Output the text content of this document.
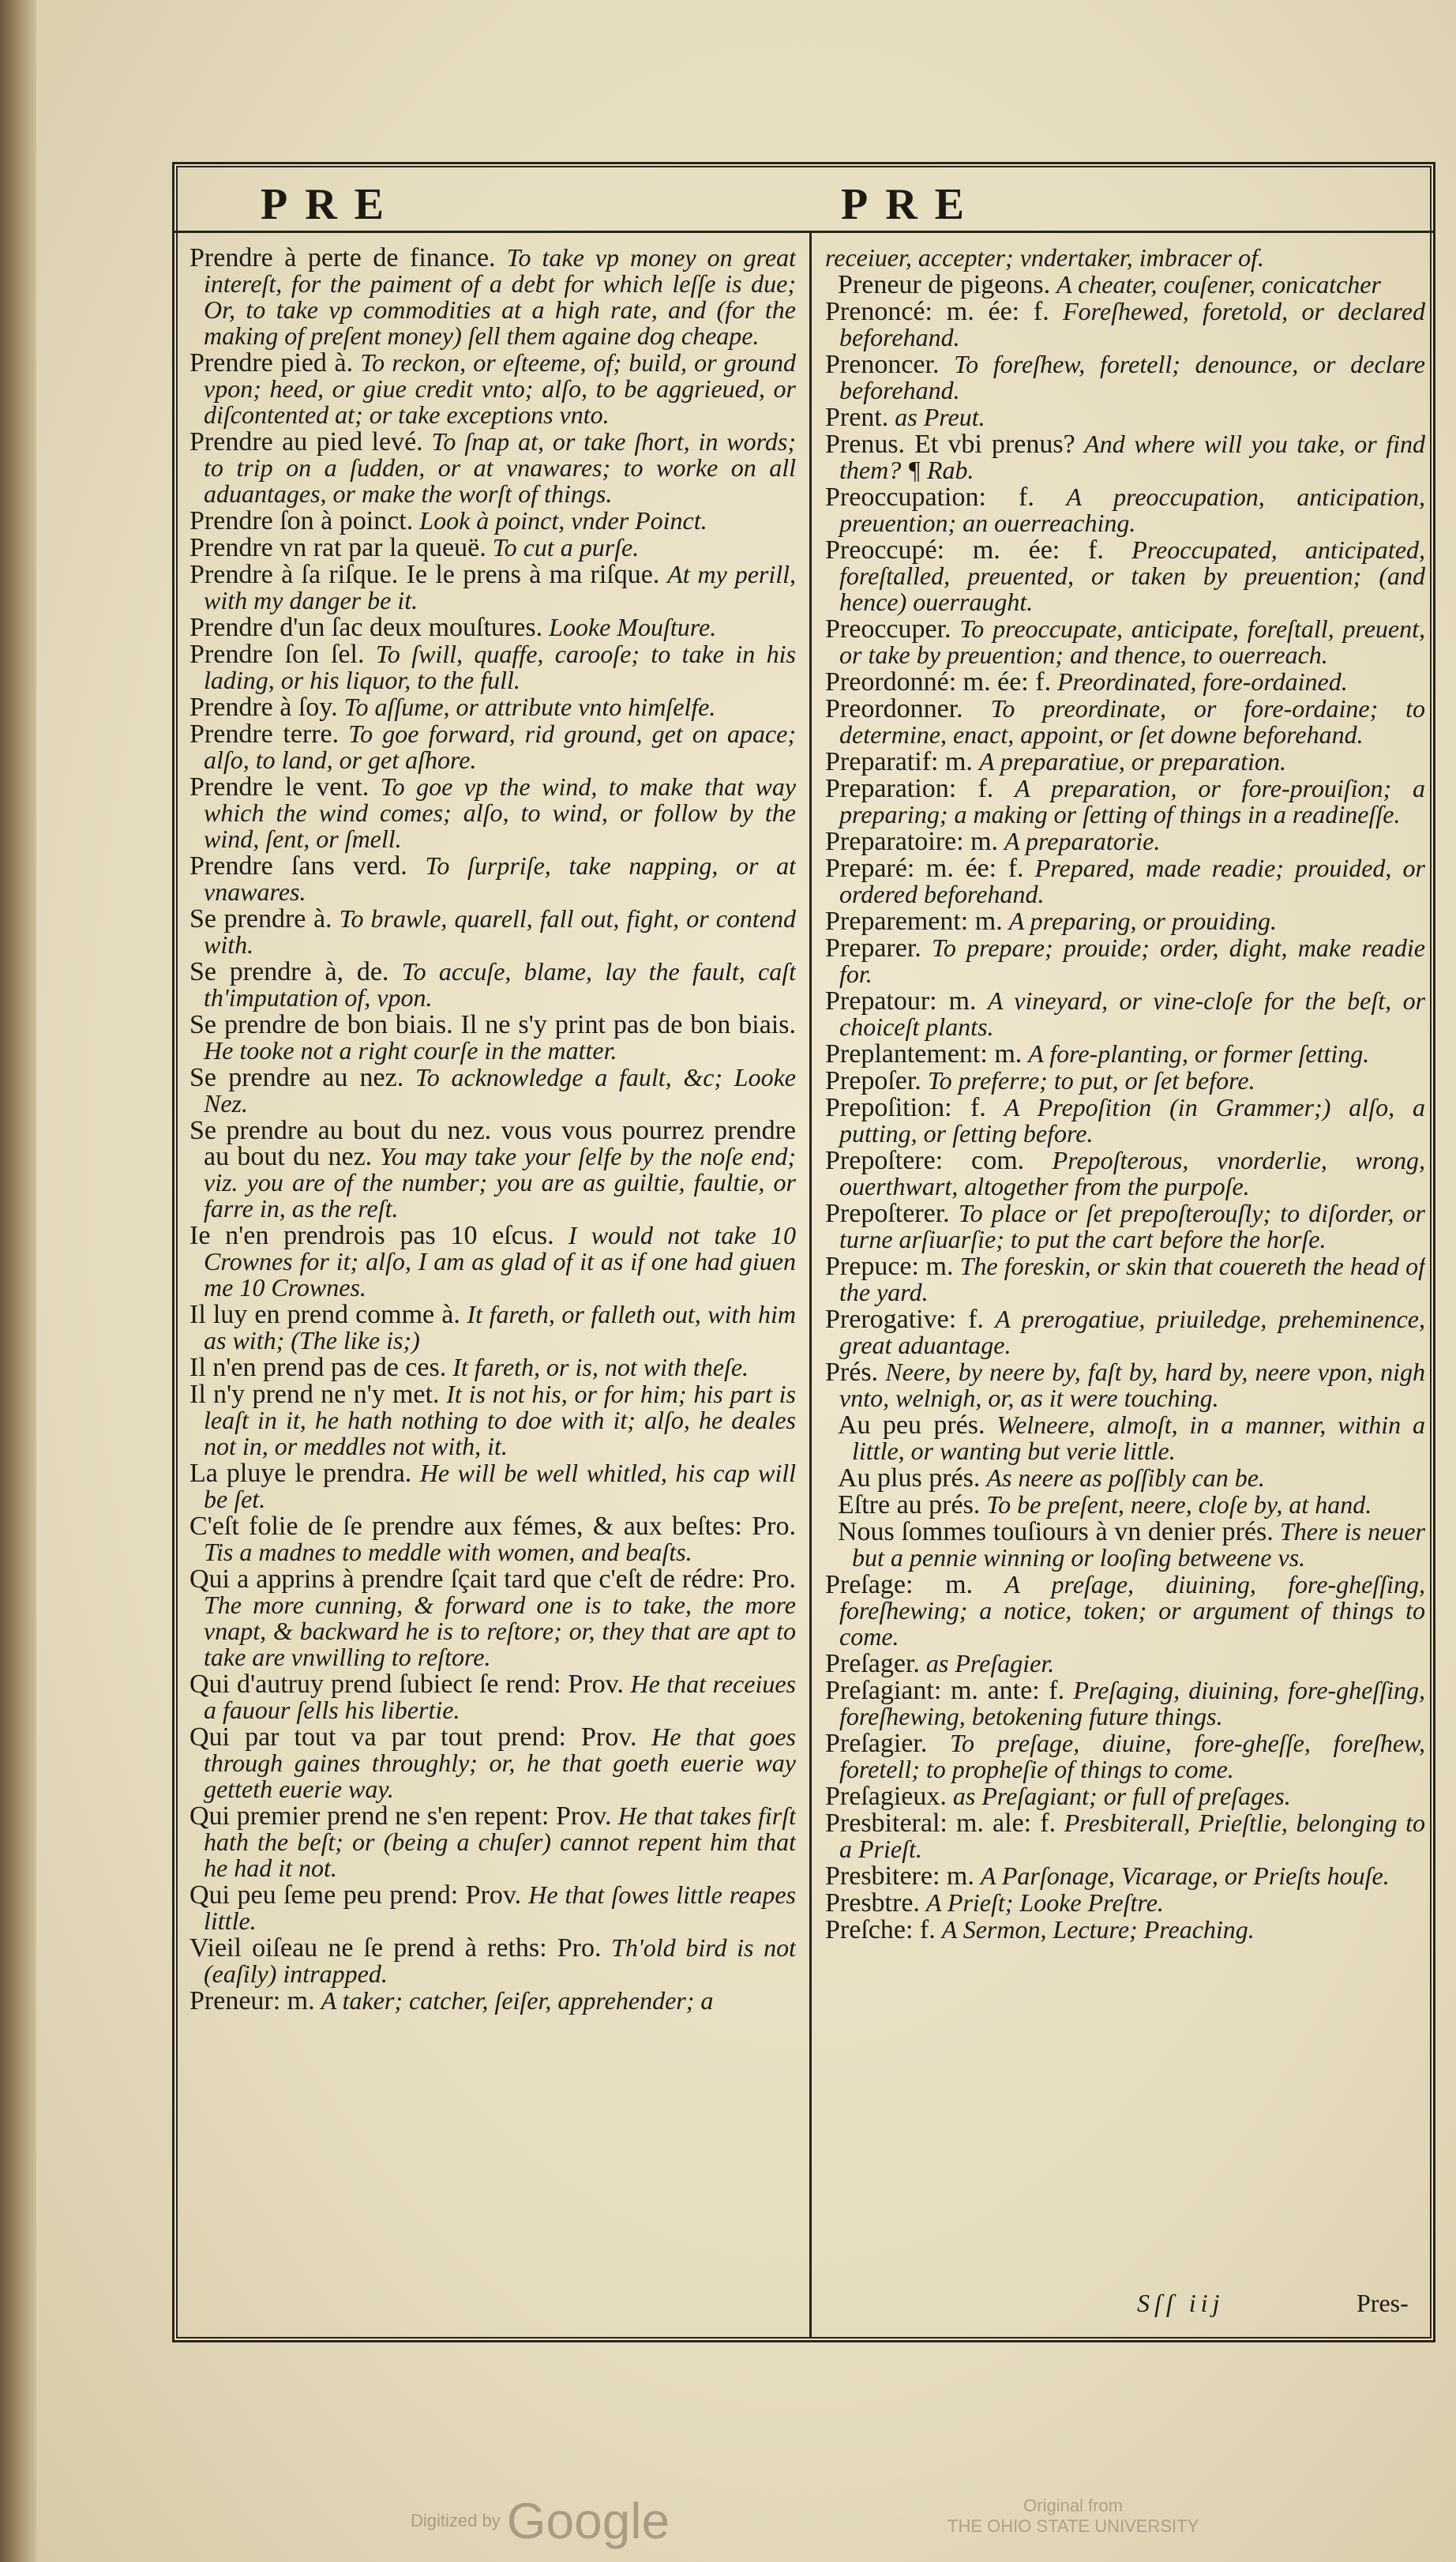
PRE	PRE

Prendre à perte de finance. To take vp money on great intereſt, for the paiment of a debt for which leſſe is due; Or, to take vp commodities at a high rate, and (for the making of preſent money) ſell them againe dog cheape.

Prendre pied à. To reckon, or eſteeme, of; build, or ground vpon; heed, or giue credit vnto; alſo, to be aggrieued, or diſcontented at; or take exceptions vnto.

Prendre au pied levé. To ſnap at, or take ſhort, in words; to trip on a ſudden, or at vnawares; to worke on all aduantages, or make the worſt of things.

Prendre ſon à poinct. Look à poinct, vnder Poinct.

Prendre vn rat par la queuë. To cut a purſe.

Prendre à ſa riſque. Ie le prens à ma riſque. At my perill, with my danger be it.

Prendre d'un ſac deux mouſtures. Looke Mouſture.

Prendre ſon ſel. To ſwill, quaffe, carooſe; to take in his lading, or his liquor, to the full.

Prendre à ſoy. To aſſume, or attribute vnto himſelfe.

Prendre terre. To goe forward, rid ground, get on apace; alſo, to land, or get aſhore.

Prendre le vent. To goe vp the wind, to make that way which the wind comes; alſo, to wind, or follow by the wind, ſent, or ſmell.

Prendre ſans verd. To ſurpriſe, take napping, or at vnawares.

Se prendre à. To brawle, quarell, fall out, fight, or contend with.

Se prendre à, de. To accuſe, blame, lay the fault, caſt th'imputation of, vpon.

Se prendre de bon biais. Il ne s'y print pas de bon biais. He tooke not a right courſe in the matter.

Se prendre au nez. To acknowledge a fault, &c; Looke Nez.

Se prendre au bout du nez. vous vous pourrez prendre au bout du nez. You may take your ſelfe by the noſe end; viz. you are of the number; you are as guiltie, faultie, or farre in, as the reſt.

Ie n'en prendrois pas 10 eſcus. I would not take 10 Crownes for it; alſo, I am as glad of it as if one had giuen me 10 Crownes.

Il luy en prend comme à. It fareth, or falleth out, with him as with; (The like is;)

Il n'en prend pas de ces. It fareth, or is, not with theſe.

Il n'y prend ne n'y met. It is not his, or for him; his part is leaſt in it, he hath nothing to doe with it; alſo, he deales not in, or meddles not with, it.

La pluye le prendra. He will be well whitled, his cap will be ſet.

C'eſt folie de ſe prendre aux fémes, & aux beſtes: Pro. Tis a madnes to meddle with women, and beaſts.

Qui a apprins à prendre ſçait tard que c'eſt de rédre: Pro. The more cunning, & forward one is to take, the more vnapt, & backward he is to reſtore; or, they that are apt to take are vnwilling to reſtore.

Qui d'autruy prend ſubiect ſe rend: Prov. He that receiues a fauour ſells his libertie.

Qui par tout va par tout prend: Prov. He that goes through gaines throughly; or, he that goeth euerie way getteth euerie way.

Qui premier prend ne s'en repent: Prov. He that takes firſt hath the beſt; or (being a chuſer) cannot repent him that he had it not.

Qui peu ſeme peu prend: Prov. He that ſowes little reapes little.

Vieil oiſeau ne ſe prend à reths: Pro. Th'old bird is not (eaſily) intrapped.

Preneur: m. A taker; catcher, ſeiſer, apprehender; a

receiuer, accepter; vndertaker, imbracer of.

Preneur de pigeons. A cheater, couſener, conicatcher

Prenoncé: m. ée: f. Foreſhewed, foretold, or declared beforehand.

Prenoncer. To foreſhew, foretell; denounce, or declare beforehand.

Prent. as Preut.

Prenus. Et vbi prenus? And where will you take, or find them? ¶ Rab.

Preoccupation: f. A preoccupation, anticipation, preuention; an ouerreaching.

Preoccupé: m. ée: f. Preoccupated, anticipated, foreſtalled, preuented, or taken by preuention; (and hence) ouerraught.

Preoccuper. To preoccupate, anticipate, foreſtall, preuent, or take by preuention; and thence, to ouerreach.

Preordonné: m. ée: f. Preordinated, fore-ordained.

Preordonner. To preordinate, or fore-ordaine; to determine, enact, appoint, or ſet downe beforehand.

Preparatif: m. A preparatiue, or preparation.

Preparation: f. A preparation, or fore-prouiſion; a preparing; a making or ſetting of things in a readineſſe.

Preparatoire: m. A preparatorie.

Preparé: m. ée: f. Prepared, made readie; prouided, or ordered beforehand.

Preparement: m. A preparing, or prouiding.

Preparer. To prepare; prouide; order, dight, make readie for.

Prepatour: m. A vineyard, or vine-cloſe for the beſt, or choiceſt plants.

Preplantement: m. A fore-planting, or former ſetting.

Prepoſer. To preferre; to put, or ſet before.

Prepoſition: f. A Prepoſition (in Grammer;) alſo, a putting, or ſetting before.

Prepoſtere: com. Prepoſterous, vnorderlie, wrong, ouerthwart, altogether from the purpoſe.

Prepoſterer. To place or ſet prepoſterouſly; to diſorder, or turne arſiuarſie; to put the cart before the horſe.

Prepuce: m. The foreskin, or skin that couereth the head of the yard.

Prerogative: f. A prerogatiue, priuiledge, preheminence, great aduantage.

Prés. Neere, by neere by, faſt by, hard by, neere vpon, nigh vnto, welnigh, or, as it were touching.

Au peu prés. Welneere, almoſt, in a manner, within a little, or wanting but verie little.

Au plus prés. As neere as poſſibly can be.

Eſtre au prés. To be preſent, neere, cloſe by, at hand.

Nous ſommes touſiours à vn denier prés. There is neuer but a pennie winning or looſing betweene vs.

Preſage: m. A preſage, diuining, fore-gheſſing, foreſhewing; a notice, token; or argument of things to come.

Preſager. as Preſagier.

Preſagiant: m. ante: f. Preſaging, diuining, fore-gheſſing, foreſhewing, betokening future things.

Preſagier. To preſage, diuine, fore-gheſſe, foreſhew, foretell; to propheſie of things to come.

Preſagieux. as Preſagiant; or full of preſages.

Presbiteral: m. ale: f. Presbiterall, Prieſtlie, belonging to a Prieſt.

Presbitere: m. A Parſonage, Vicarage, or Prieſts houſe.

Presbtre. A Prieſt; Looke Preſtre.

Preſche: f. A Sermon, Lecture; Preaching.

Sſſ iij	Pres-
Digitized by Google	Original from
THE OHIO STATE UNIVERSITY
